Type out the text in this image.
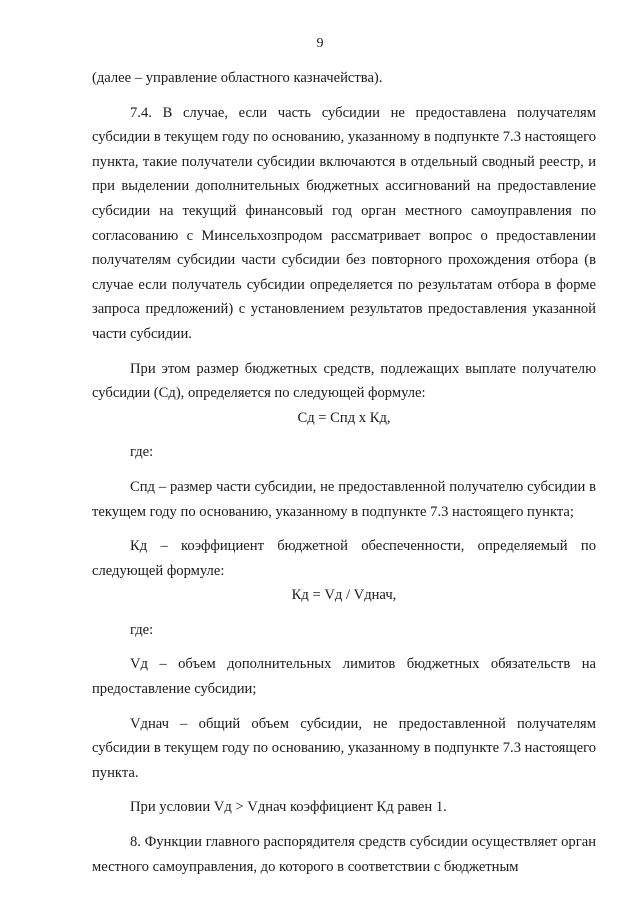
9

(далее – управление областного казначейства).

7.4. В случае, если часть субсидии не предоставлена получателям субсидии в текущем году по основанию, указанному в подпункте 7.3 настоящего пункта, такие получатели субсидии включаются в отдельный сводный реестр, и при выделении дополнительных бюджетных ассигнований на предоставление субсидии на текущий финансовый год орган местного самоуправления по согласованию с Минсельхозпродом рассматривает вопрос о предоставлении получателям субсидии части субсидии без повторного прохождения отбора (в случае если получатель субсидии определяется по результатам отбора в форме запроса предложений) с установлением результатов предоставления указанной части субсидии.

При этом размер бюджетных средств, подлежащих выплате получателю субсидии (Сд), определяется по следующей формуле:

Сд = Спд х Кд,

где:

Спд – размер части субсидии, не предоставленной получателю субсидии в текущем году по основанию, указанному в подпункте 7.3 настоящего пункта;

Кд – коэффициент бюджетной обеспеченности, определяемый по следующей формуле:

Кд = Vд / Vднач,

где:

Vд – объем дополнительных лимитов бюджетных обязательств на предоставление субсидии;

Vднач – общий объем субсидии, не предоставленной получателям субсидии в текущем году по основанию, указанному в подпункте 7.3 настоящего пункта.

При условии Vд > Vднач коэффициент Кд равен 1.

8. Функции главного распорядителя средств субсидии осуществляет орган местного самоуправления, до которого в соответствии с бюджетным
